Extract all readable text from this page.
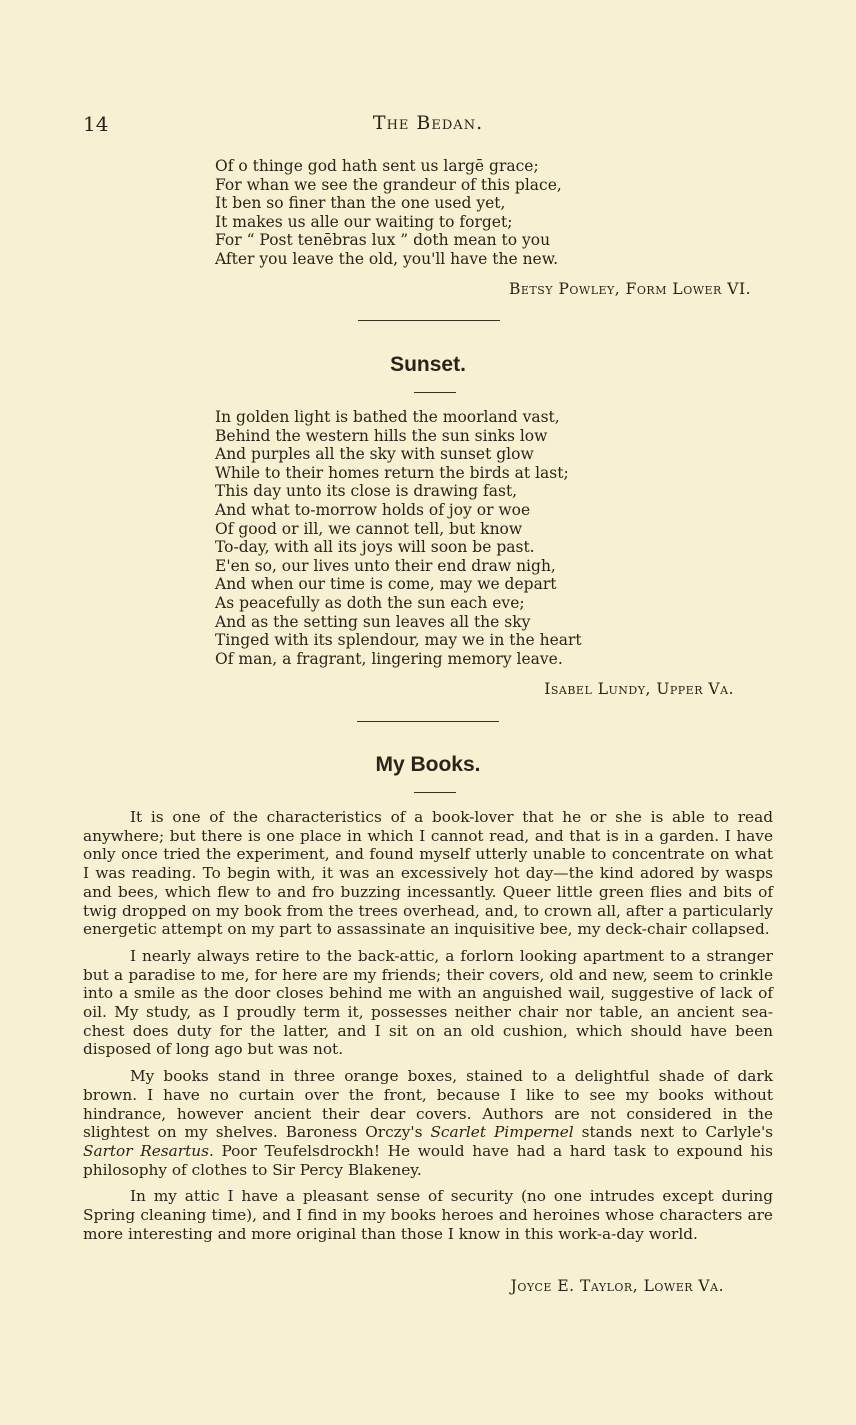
14	The Bedan.
Of o thinge god hath sent us largē grace;
For whan we see the grandeur of this place,
It ben so finer than the one used yet,
It makes us alle our waiting to forget;
For “ Post tenēbras lux ” doth mean to you
After you leave the old, you'll have the new.
Betsy Powley, Form Lower VI.
Sunset.
In golden light is bathed the moorland vast,
Behind the western hills the sun sinks low
And purples all the sky with sunset glow
While to their homes return the birds at last;
This day unto its close is drawing fast,
And what to-morrow holds of joy or woe
Of good or ill, we cannot tell, but know
To-day, with all its joys will soon be past.
E'en so, our lives unto their end draw nigh,
And when our time is come, may we depart
As peacefully as doth the sun each eve;
And as the setting sun leaves all the sky
Tinged with its splendour, may we in the heart
Of man, a fragrant, lingering memory leave.
Isabel Lundy, Upper Va.
My Books.

It is one of the characteristics of a book-lover that he or she is able to read anywhere; but there is one place in which I cannot read, and that is in a garden. I have only once tried the experiment, and found myself utterly unable to concentrate on what I was reading. To begin with, it was an excessively hot day—the kind adored by wasps and bees, which flew to and fro buzzing incessantly. Queer little green flies and bits of twig dropped on my book from the trees overhead, and, to crown all, after a particularly energetic attempt on my part to assassinate an inquisitive bee, my deck-chair collapsed.

I nearly always retire to the back-attic, a forlorn looking apartment to a stranger but a paradise to me, for here are my friends; their covers, old and new, seem to crinkle into a smile as the door closes behind me with an anguished wail, suggestive of lack of oil. My study, as I proudly term it, possesses neither chair nor table, an ancient sea-chest does duty for the latter, and I sit on an old cushion, which should have been disposed of long ago but was not.

My books stand in three orange boxes, stained to a delightful shade of dark brown. I have no curtain over the front, because I like to see my books without hindrance, however ancient their dear covers. Authors are not considered in the slightest on my shelves. Baroness Orczy's Scarlet Pimpernel stands next to Carlyle's Sartor Resartus. Poor Teufelsdrockh! He would have had a hard task to expound his philosophy of clothes to Sir Percy Blakeney.

In my attic I have a pleasant sense of security (no one intrudes except during Spring cleaning time), and I find in my books heroes and heroines whose characters are more interesting and more original than those I know in this work-a-day world.

Joyce E. Taylor, Lower Va.
